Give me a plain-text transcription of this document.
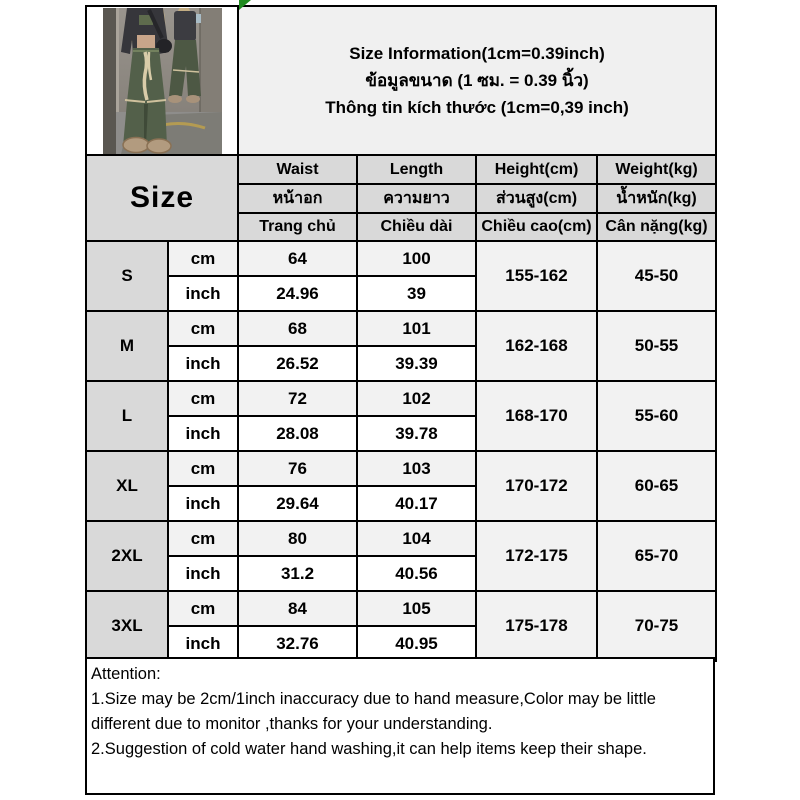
Size Information(1cm=0.39inch)
ข้อมูลขนาด (1 ซม. = 0.39 นิ้ว)
Thông tin kích thước (1cm=0,39 inch)			

Size		Waist	Length	Height(cm)	Weight(kg)
		หน้าอก	ความยาว	ส่วนสูง(cm)	น้ำหนัก(kg)
		Trang chủ	Chiều dài	Chiều cao(cm)	Cân nặng(kg)
S	cm	64	100	155-162	45-50
	inch	24.96	39		
M	cm	68	101	162-168	50-55
	inch	26.52	39.39		
L	cm	72	102	168-170	55-60
	inch	28.08	39.78		
XL	cm	76	103	170-172	60-65
	inch	29.64	40.17		
2XL	cm	80	104	172-175	65-70
	inch	31.2	40.56		
3XL	cm	84	105	175-178	70-75
	inch	32.76	40.95		
Attention:
1.Size may be 2cm/1inch inaccuracy due to hand measure,Color may be little different due to monitor ,thanks for your understanding.
2.Suggestion of cold water hand washing,it can help items keep their shape.
